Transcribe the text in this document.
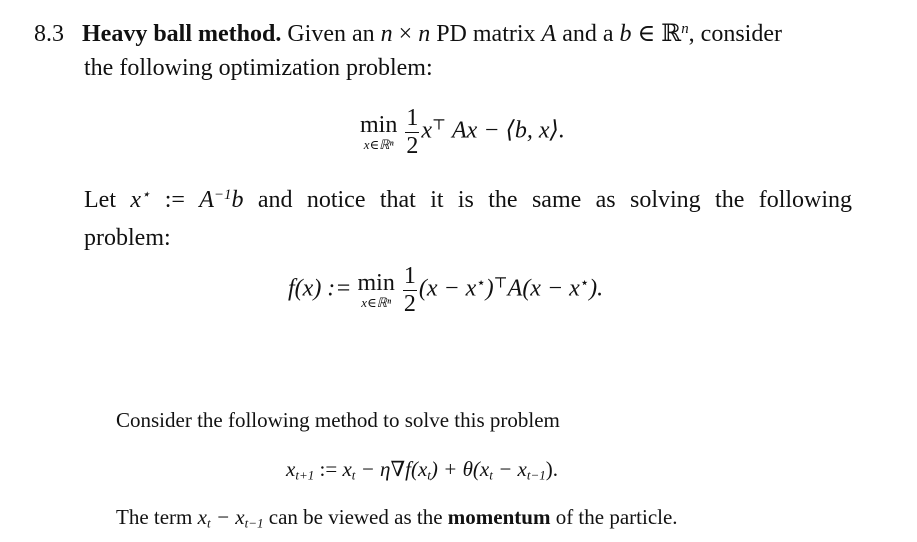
8.3 Heavy ball method. Given an n × n PD matrix A and a b ∈ ℝ$^n$, consider
the following optimization problem:
min
x∈ℝⁿ
$\frac{1}{2} x^⊤$ Ax − ⟨b, x⟩.
Let x⋆ := $A^{-1}b$ and notice that it is the same as solving the following
problem:
f(x) := min
x∈ℝⁿ
$\frac{1}{2} (x - x^⋆)^⊤A(x - x^⋆)$.
Consider the following method to solve this problem
$x_{t+1}$ := $x_t - \eta\nabla f(x_t) + \theta(x_t - x_{t-1})$.
The term $x_t - x_{t-1}$ can be viewed as the momentum of the particle.
